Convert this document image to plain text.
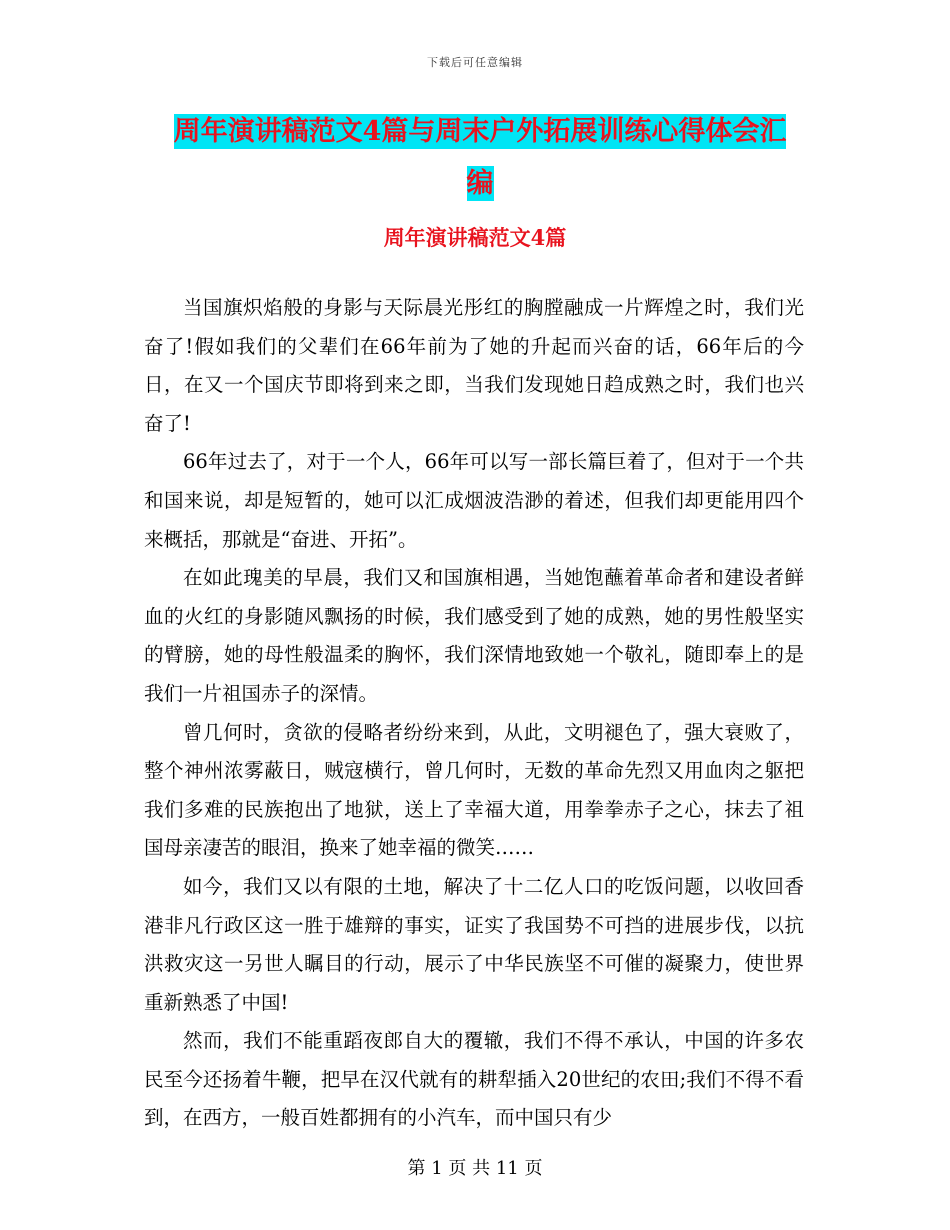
下载后可任意编辑
周年演讲稿范文4篇与周末户外拓展训练心得体会汇
编
周年演讲稿范文4篇

当国旗炽焰般的身影与天际晨光彤红的胸膛融成一片辉煌之时，我们光奋了!假如我们的父辈们在66年前为了她的升起而兴奋的话，66年后的今日，在又一个国庆节即将到来之即，当我们发现她日趋成熟之时，我们也兴奋了!

66年过去了，对于一个人，66年可以写一部长篇巨着了，但对于一个共和国来说，却是短暂的，她可以汇成烟波浩渺的着述，但我们却更能用四个来概括，那就是“奋进、开拓”。

在如此瑰美的早晨，我们又和国旗相遇，当她饱蘸着革命者和建设者鲜血的火红的身影随风飘扬的时候，我们感受到了她的成熟，她的男性般坚实的臂膀，她的母性般温柔的胸怀，我们深情地致她一个敬礼，随即奉上的是我们一片祖国赤子的深情。

曾几何时，贪欲的侵略者纷纷来到，从此，文明褪色了，强大衰败了，整个神州浓雾蔽日，贼寇横行，曾几何时，无数的革命先烈又用血肉之躯把我们多难的民族抱出了地狱，送上了幸福大道，用拳拳赤子之心，抹去了祖国母亲凄苦的眼泪，换来了她幸福的微笑……

如今，我们又以有限的土地，解决了十二亿人口的吃饭问题，以收回香港非凡行政区这一胜于雄辩的事实，证实了我国势不可挡的进展步伐，以抗洪救灾这一另世人瞩目的行动，展示了中华民族坚不可催的凝聚力，使世界重新熟悉了中国!

然而，我们不能重蹈夜郎自大的覆辙，我们不得不承认，中国的许多农民至今还扬着牛鞭，把早在汉代就有的耕犁插入20世纪的农田;我们不得不看到，在西方，一般百姓都拥有的小汽车，而中国只有少

第 1 页 共 11 页
